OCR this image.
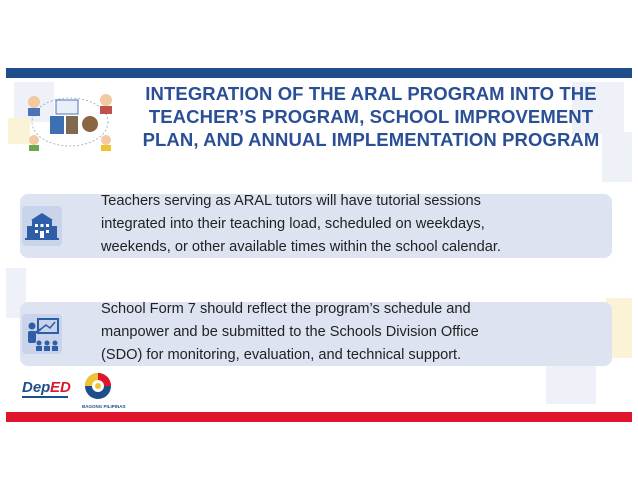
INTEGRATION OF THE ARAL PROGRAM INTO THE
TEACHER’S PROGRAM, SCHOOL IMPROVEMENT
PLAN, AND ANNUAL IMPLEMENTATION PROGRAM
Teachers serving as ARAL tutors will have tutorial sessions
integrated into their teaching load, scheduled on weekdays,
weekends, or other available times within the school calendar.
School Form 7 should reflect the program’s schedule and
manpower and be submitted to the Schools Division Office
(SDO) for monitoring, evaluation, and technical support.
Dep ED
BAGONG PILIPINAS
